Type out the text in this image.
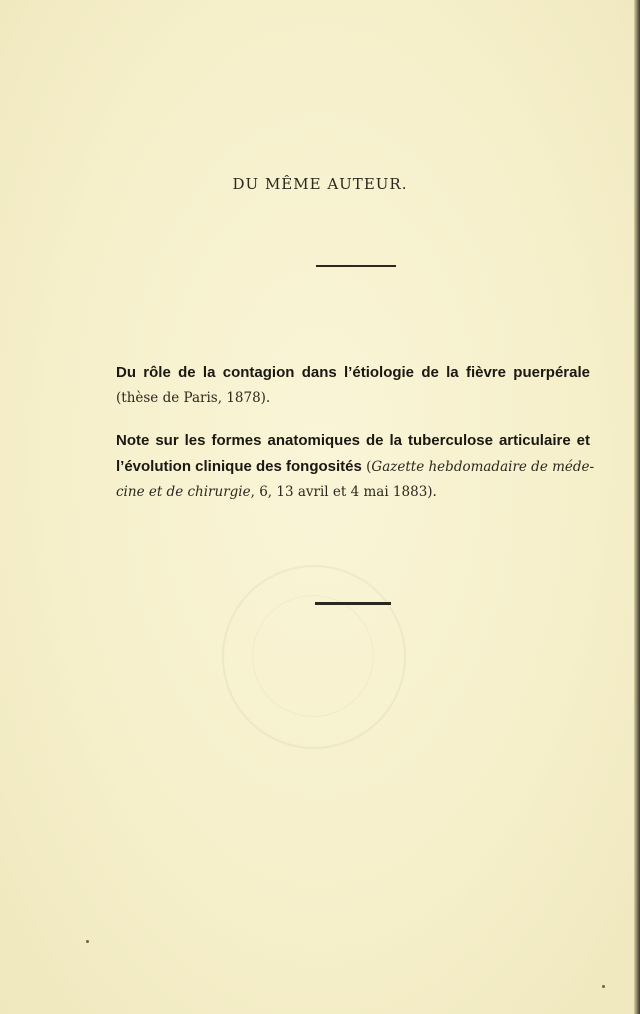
DU MÊME AUTEUR.
Du rôle de la contagion dans l’étiologie de la fièvre puerpérale
(thèse de Paris, 1878).
Note sur les formes anatomiques de la tuberculose articulaire et
l’évolution clinique des fongosités (Gazette hebdomadaire de méde-
cine et de chirurgie, 6, 13 avril et 4 mai 1883).
